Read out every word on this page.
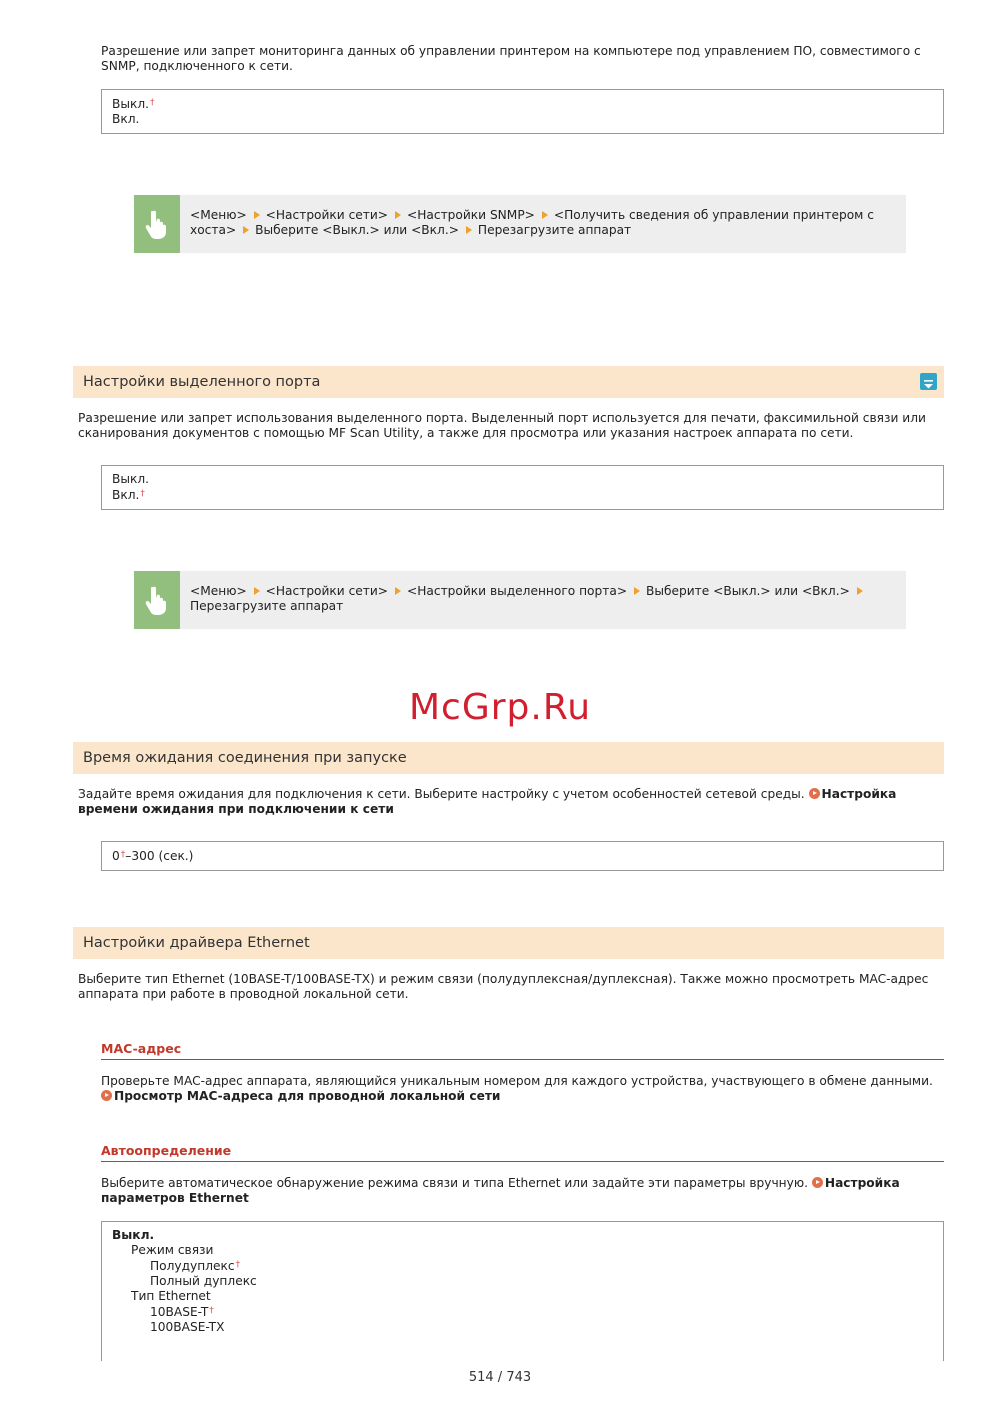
Разрешение или запрет мониторинга данных об управлении принтером на компьютере под управлением ПО, совместимого с SNMP, подключенного к сети.

Выкл.†
Вкл.
<Меню> <Настройки сети> <Настройки SNMP> <Получить сведения об управлении принтером с хоста> Выберите <Выкл.> или <Вкл.> Перезагрузите аппарат
Настройки выделенного порта

Разрешение или запрет использования выделенного порта. Выделенный порт используется для печати, факсимильной связи или сканирования документов с помощью MF Scan Utility, а также для просмотра или указания настроек аппарата по сети.

Выкл.
Вкл.†
<Меню> <Настройки сети> <Настройки выделенного порта> Выберите <Выкл.> или <Вкл.>Перезагрузите аппарат
McGrp.Ru
Время ожидания соединения при запуске

Задайте время ожидания для подключения к сети. Выберите настройку с учетом особенностей сетевой среды. Настройка времени ожидания при подключении к сети

0†–300 (сек.)
Настройки драйвера Ethernet

Выберите тип Ethernet (10BASE-T/100BASE-TX) и режим связи (полудуплексная/дуплексная). Также можно просмотреть MAC-адрес аппарата при работе в проводной локальной сети.

MAC-адрес

Проверьте MAC-адрес аппарата, являющийся уникальным номером для каждого устройства, участвующего в обмене данными.
Просмотр MAC-адреса для проводной локальной сети

Автоопределение

Выберите автоматическое обнаружение режима связи и типа Ethernet или задайте эти параметры вручную. Настройка параметров Ethernet

Выкл.
Режим связи
Полудуплекс†
Полный дуплекс
Тип Ethernet
10BASE-T†
100BASE-TX
514 / 743
